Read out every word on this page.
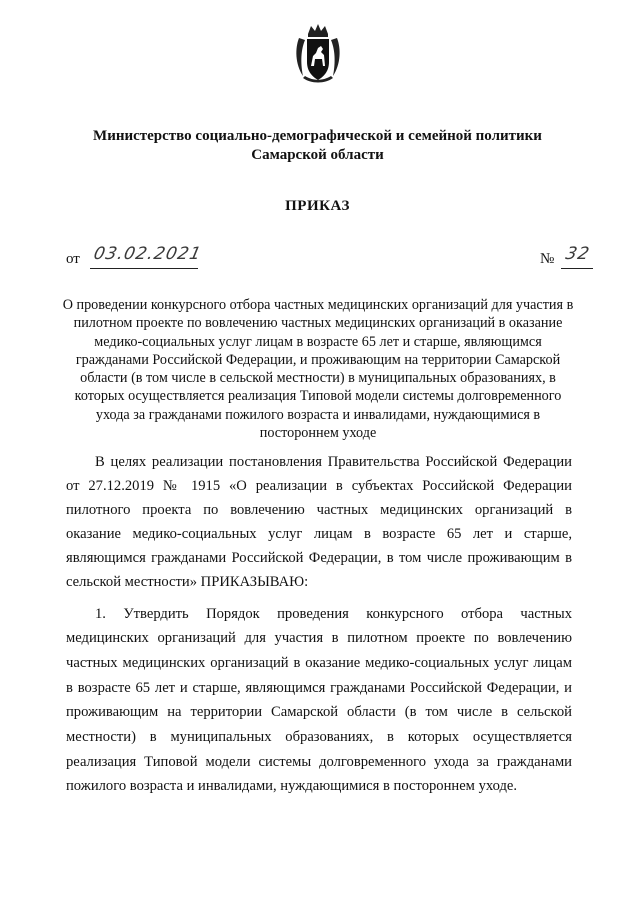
Министерство социально-демографической и семейной политики
Самарской области
ПРИКАЗ
от 03.02.2021	№ 32
О проведении конкурсного отбора частных медицинских организаций для участия в пилотном проекте по вовлечению частных медицинских организаций в оказание медико-социальных услуг лицам в возрасте 65 лет и старше, являющимся гражданами Российской Федерации, и проживающим на территории Самарской области (в том числе в сельской местности) в муниципальных образованиях, в которых осуществляется реализация Типовой модели системы долговременного ухода за гражданами пожилого возраста и инвалидами, нуждающимися в постороннем уходе

В целях реализации постановления Правительства Российской Федерации от 27.12.2019 № 1915 «О реализации в субъектах Российской Федерации пилотного проекта по вовлечению частных медицинских организаций в оказание медико-социальных услуг лицам в возрасте 65 лет и старше, являющимся гражданами Российской Федерации, в том числе проживающим в сельской местности» ПРИКАЗЫВАЮ:

1. Утвердить Порядок проведения конкурсного отбора частных медицинских организаций для участия в пилотном проекте по вовлечению частных медицинских организаций в оказание медико-социальных услуг лицам в возрасте 65 лет и старше, являющимся гражданами Российской Федерации, и проживающим на территории Самарской области (в том числе в сельской местности) в муниципальных образованиях, в которых осуществляется реализация Типовой модели системы долговременного ухода за гражданами пожилого возраста и инвалидами, нуждающимися в постороннем уходе.
